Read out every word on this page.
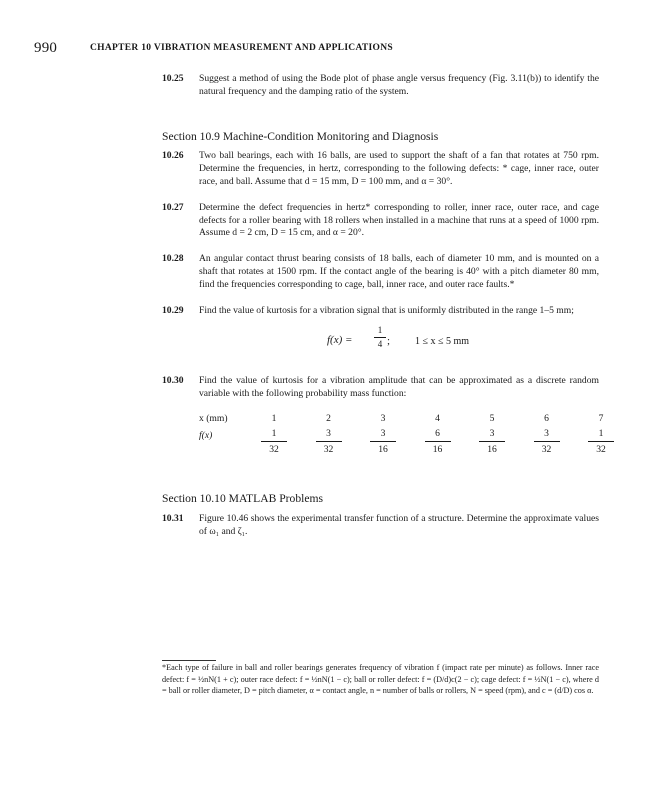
990	CHAPTER 10 VIBRATION MEASUREMENT AND APPLICATIONS
10.25 Suggest a method of using the Bode plot of phase angle versus frequency (Fig. 3.11(b)) to identify the natural frequency and the damping ratio of the system.
Section 10.9 Machine-Condition Monitoring and Diagnosis
10.26 Two ball bearings, each with 16 balls, are used to support the shaft of a fan that rotates at 750 rpm. Determine the frequencies, in hertz, corresponding to the following defects: * cage, inner race, outer race, and ball. Assume that d = 15 mm, D = 100 mm, and α = 30°.
10.27 Determine the defect frequencies in hertz* corresponding to roller, inner race, outer race, and cage defects for a roller bearing with 18 rollers when installed in a machine that runs at a speed of 1000 rpm. Assume d = 2 cm, D = 15 cm, and α = 20°.
10.28 An angular contact thrust bearing consists of 18 balls, each of diameter 10 mm, and is mounted on a shaft that rotates at 1500 rpm. If the contact angle of the bearing is 40° with a pitch diameter 80 mm, find the frequencies corresponding to cage, ball, inner race, and outer race faults.*
10.29 Find the value of kurtosis for a vibration signal that is uniformly distributed in the range 1–5 mm;
f(x) =
1
4 ; 1 ≤ x ≤ 5 mm
10.30 Find the value of kurtosis for a vibration amplitude that can be approximated as a discrete random variable with the following probability mass function:
x (mm)
f(x)
1
1
32
2
3
32
3
3
16
4
6
16
5
3
16
6
3
32
7
1
32
Section 10.10 MATLAB Problems
10.31 Figure 10.46 shows the experimental transfer function of a structure. Determine the approximate values of ω₁ and ζ₁.
*Each type of failure in ball and roller bearings generates frequency of vibration f (impact rate per minute) as follows. Inner race defect: f = ½nN(1 + c); outer race defect: f = ½nN(1 − c); ball or roller defect: f = (D/d)c(2 − c); cage defect: f = ½N(1 − c), where d = ball or roller diameter, D = pitch diameter, α = contact angle, n = number of balls or rollers, N = speed (rpm), and c = (d/D) cos α.
